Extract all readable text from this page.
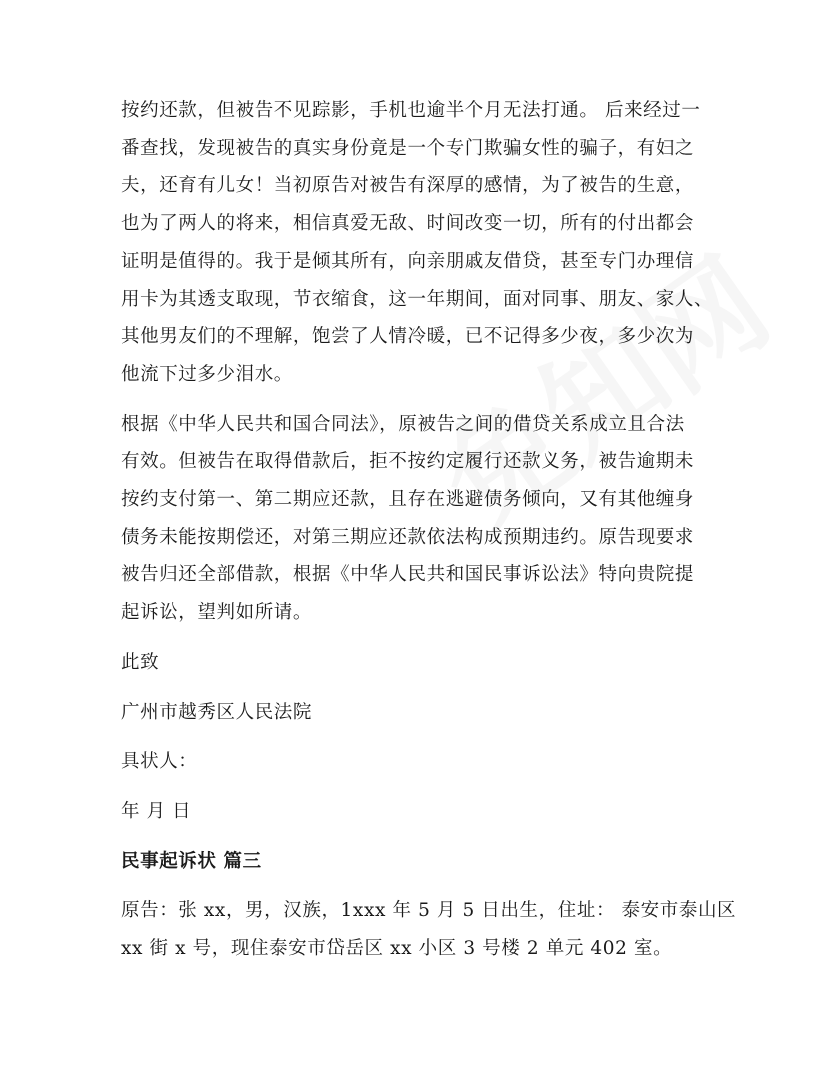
按约还款，但被告不见踪影，手机也逾半个月无法打通。 后来经过一
番查找，发现被告的真实身份竟是一个专门欺骗女性的骗子，有妇之
夫，还育有儿女！当初原告对被告有深厚的感情，为了被告的生意，
也为了两人的将来，相信真爱无敌、时间改变一切，所有的付出都会
证明是值得的。我于是倾其所有，向亲朋戚友借贷，甚至专门办理信
用卡为其透支取现，节衣缩食，这一年期间，面对同事、朋友、家人、
其他男友们的不理解，饱尝了人情冷暖，已不记得多少夜，多少次为
他流下过多少泪水。
根据《中华人民共和国合同法》，原被告之间的借贷关系成立且合法
有效。但被告在取得借款后，拒不按约定履行还款义务，被告逾期未
按约支付第一、第二期应还款，且存在逃避债务倾向，又有其他缠身
债务未能按期偿还，对第三期应还款依法构成预期违约。原告现要求
被告归还全部借款，根据《中华人民共和国民事诉讼法》特向贵院提
起诉讼，望判如所请。
此致
广州市越秀区人民法院
具状人：
年 月 日
民事起诉状 篇三
原告：张 xx，男，汉族，1xxx 年 5 月 5 日出生，住址： 泰安市泰山区
xx 街 x 号，现住泰安市岱岳区 xx 小区 3 号楼 2 单元 402 室。
